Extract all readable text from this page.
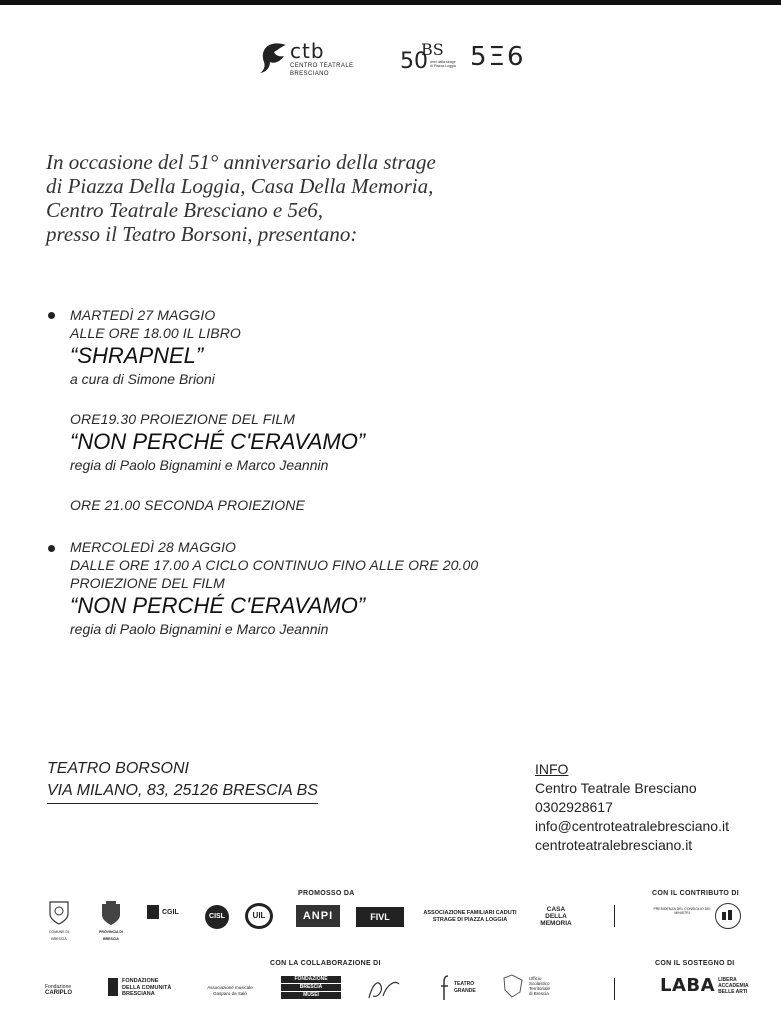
ctb
CENTRO TEATRALE BRESCIANO	50
BS
anni dalla strage di Piazza Loggia 5Ξ6
In occasione del 51° anniversario della strage
di Piazza Della Loggia, Casa Della Memoria,
Centro Teatrale Bresciano e 5e6,
presso il Teatro Borsoni, presentano:
MARTEDÌ 27 MAGGIO
ALLE ORE 18.00 IL LIBRO
“SHRAPNEL”
a cura di Simone Brioni
ORE19.30 PROIEZIONE DEL FILM
“NON PERCHÉ C'ERAVAMO”
regia di Paolo Bignamini e Marco Jeannin
ORE 21.00 SECONDA PROIEZIONE
MERCOLEDÌ 28 MAGGIO
DALLE ORE 17.00 A CICLO CONTINUO FINO ALLE ORE 20.00
PROIEZIONE DEL FILM
“NON PERCHÉ C'ERAVAMO”
regia di Paolo Bignamini e Marco Jeannin
TEATRO BORSONI
VIA MILANO, 83, 25126 BRESCIA BS
INFO
Centro Teatrale Bresciano
0302928617
info@centroteatralebresciano.it
centroteatralebresciano.it
PROMOSSO DA	CON IL CONTRIBUTO DI
COMUNE DI BRESCIA
PROVINCIA DI BRESCIA
CGIL
CISL	UIL	ANPI	FIVL	ASSOCIAZIONE FAMILIARI CADUTI
STRAGE DI PIAZZA LOGGIA
CASA
DELLA
MEMORIA
PRESIDENZA DEL CONSIGLIO DEI MINISTRI
CON LA COLLABORAZIONE DI	CON IL SOSTEGNO DI
Fondazione
CARIPLO
FONDAZIONE
DELLA COMUNITÀ
BRESCIANA
Associazione musicale
Gasparo da Salò
FONDAZIONE
BRESCIA
MUSEI
TEATRO
GRANDE
Ufficio
Scolastico
Territoriale
di Brescia	LABA LIBERA
ACCADEMIA
BELLE ARTI
